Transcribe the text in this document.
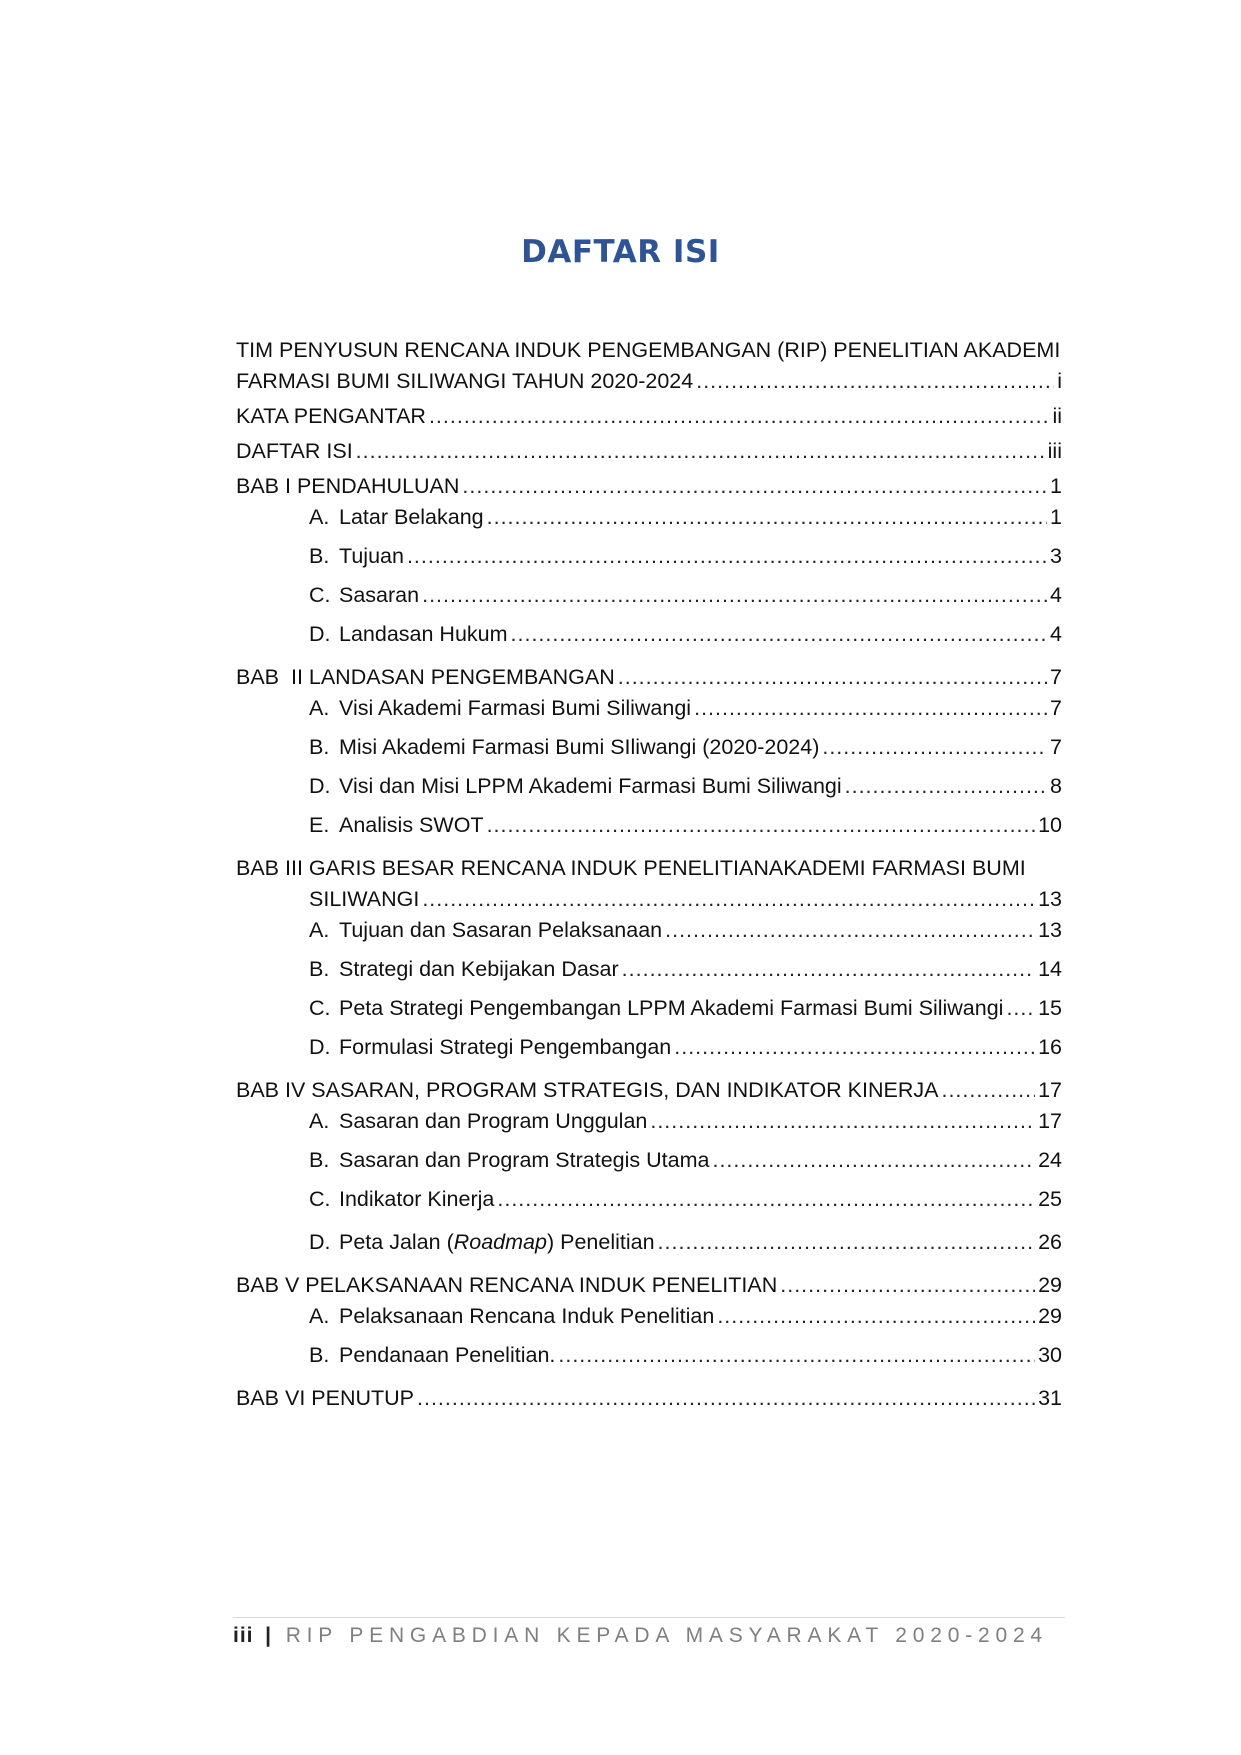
DAFTAR ISI
TIM PENYUSUN RENCANA INDUK PENGEMBANGAN (RIP) PENELITIAN AKADEMI
FARMASI BUMI SILIWANGI TAHUN 2020-2024 .....	i
KATA PENGANTAR .....	ii
DAFTAR ISI .....	iii
BAB I PENDAHULUAN .....	1
A. Latar Belakang .....	1
B. Tujuan .....	3
C. Sasaran .....	4
D. Landasan Hukum .....	4
BAB  II LANDASAN PENGEMBANGAN .....	7
A. Visi Akademi Farmasi Bumi Siliwangi .....	7
B. Misi Akademi Farmasi Bumi SIliwangi (2020-2024) .....	7
D. Visi dan Misi LPPM Akademi Farmasi Bumi Siliwangi .....	8
E. Analisis SWOT .....	10
BAB III GARIS BESAR RENCANA INDUK PENELITIANAKADEMI FARMASI BUMI
SILIWANGI .....	13
A. Tujuan dan Sasaran Pelaksanaan .....	13
B. Strategi dan Kebijakan Dasar .....	14
C. Peta Strategi Pengembangan LPPM Akademi Farmasi Bumi Siliwangi ..... 15
D. Formulasi Strategi Pengembangan .....	16
BAB IV SASARAN, PROGRAM STRATEGIS, DAN INDIKATOR KINERJA .....	17
A. Sasaran dan Program Unggulan .....	17
B. Sasaran dan Program Strategis Utama .....	24
C. Indikator Kinerja .....	25
D. Peta Jalan (Roadmap) Penelitian .....	26
BAB V PELAKSANAAN RENCANA INDUK PENELITIAN .....	29
A. Pelaksanaan Rencana Induk Penelitian .....	29
B. Pendanaan Penelitian. .....	30
BAB VI PENUTUP .....	31
iii | RIP PENGABDIAN KEPADA MASYARAKAT 2020-2024
